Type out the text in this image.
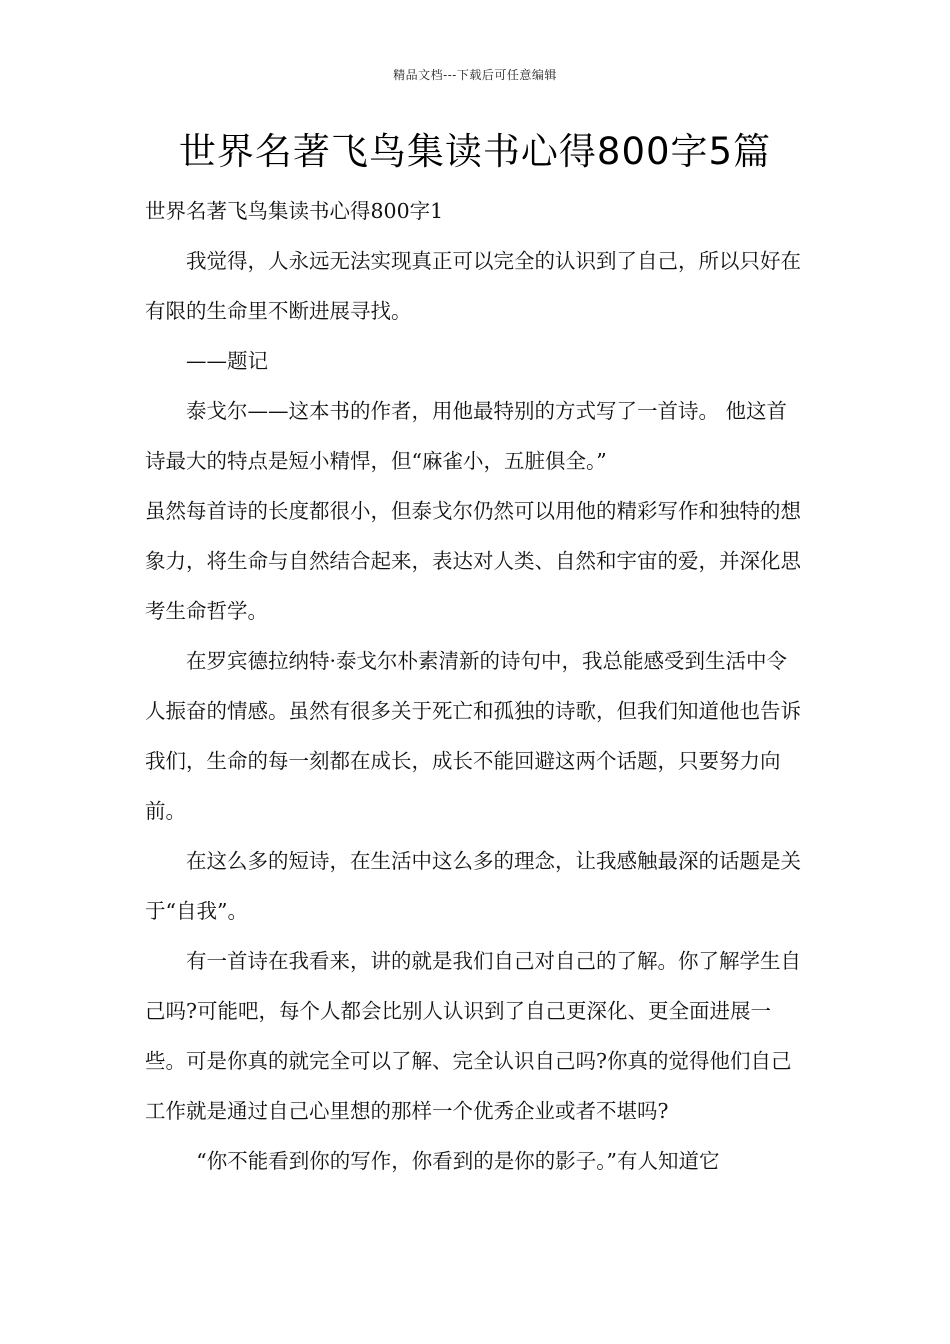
精品文档---下载后可任意编辑
世界名著飞鸟集读书心得800字5篇

世界名著飞鸟集读书心得800字1

我觉得，人永远无法实现真正可以完全的认识到了自己，所以只好在有限的生命里不断进展寻找。

——题记

泰戈尔——这本书的作者，用他最特别的方式写了一首诗。 他这首诗最大的特点是短小精悍，但“麻雀小，五脏俱全。”

虽然每首诗的长度都很小，但泰戈尔仍然可以用他的精彩写作和独特的想象力，将生命与自然结合起来，表达对人类、自然和宇宙的爱，并深化思考生命哲学。

在罗宾德拉纳特·泰戈尔朴素清新的诗句中，我总能感受到生活中令人振奋的情感。虽然有很多关于死亡和孤独的诗歌，但我们知道他也告诉我们，生命的每一刻都在成长，成长不能回避这两个话题，只要努力向前。

在这么多的短诗，在生活中这么多的理念，让我感触最深的话题是关于“自我”。

有一首诗在我看来，讲的就是我们自己对自己的了解。你了解学生自己吗?可能吧，每个人都会比别人认识到了自己更深化、更全面进展一些。可是你真的就完全可以了解、完全认识自己吗?你真的觉得他们自己工作就是通过自己心里想的那样一个优秀企业或者不堪吗?

“你不能看到你的写作，你看到的是你的影子。”有人知道它
